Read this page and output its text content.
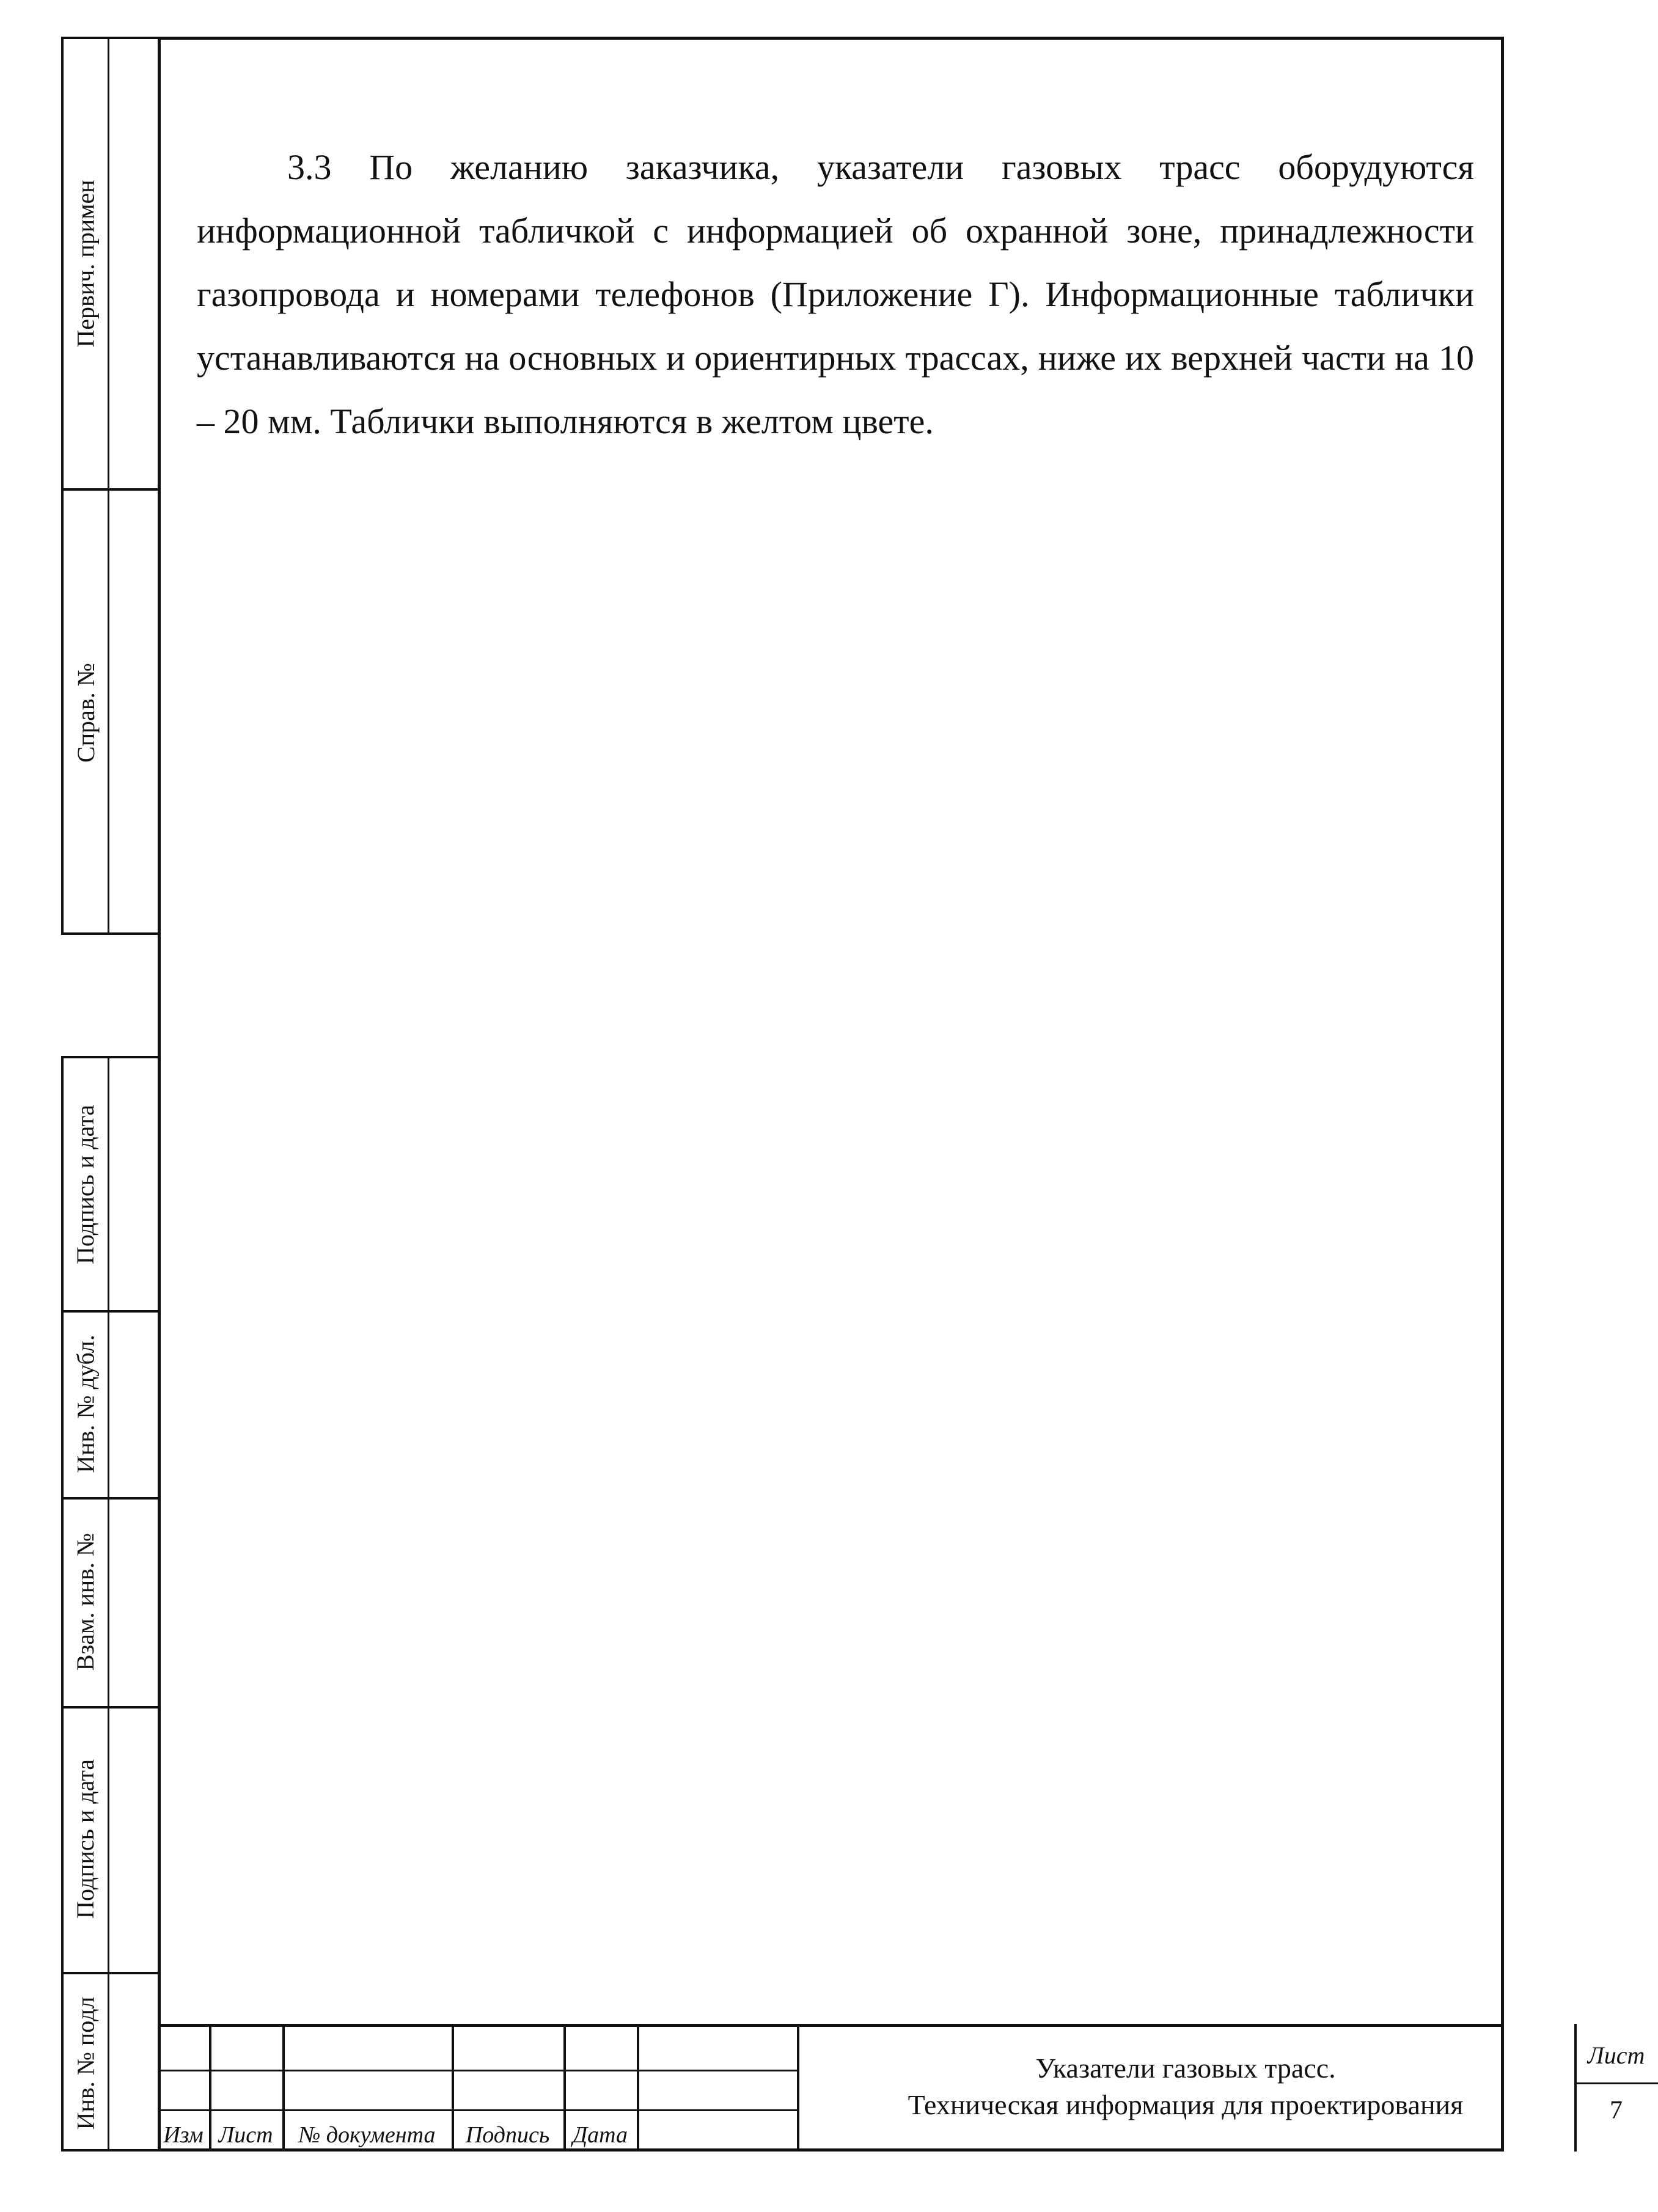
Первич. примен
Справ. №
Подпись и дата
Инв. № дубл.
Взам. инв. №
Подпись и дата
Инв. № подл

3.3 По желанию заказчика, указатели газовых трасс оборудуются информационной табличкой с информацией об охранной зоне, принадлежности газопровода и номерами телефонов (Приложение Г). Информационные таблички устанавливаются на основных и ориентирных трассах, ниже их верхней части на 10 – 20 мм. Таблички выполняются в желтом цвете.

Изм Лист	№ документа	Подпись Дата
Указатели газовых трасс.
Техническая информация для проектирования
Лист
7
